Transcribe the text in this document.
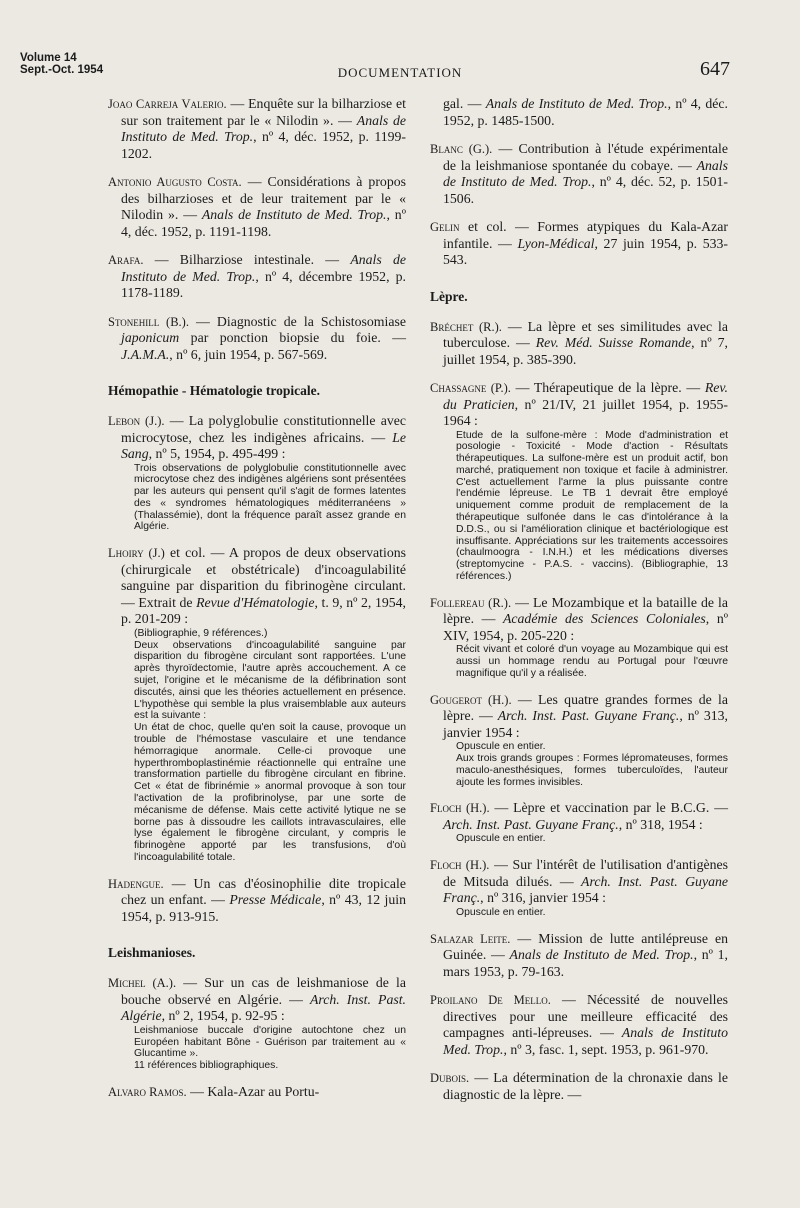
Volume 14
Sept.-Oct. 1954	DOCUMENTATION	647

Joao Carreja Valerio. — Enquête sur la bilharziose et sur son traitement par le « Nilodin ». — Anals de Instituto de Med. Trop., nº 4, déc. 1952, p. 1199-1202.

Antonio Augusto Costa. — Considérations à propos des bilharzioses et de leur traitement par le « Nilodin ». — Anals de Instituto de Med. Trop., nº 4, déc. 1952, p. 1191-1198.

Arafa. — Bilharziose intestinale. — Anals de Instituto de Med. Trop., nº 4, décembre 1952, p. 1178-1189.

Stonehill (B.). — Diagnostic de la Schistosomiase japonicum par ponction biopsie du foie. — J.A.M.A., nº 6, juin 1954, p. 567-569.

Hémopathie - Hématologie tropicale.
Lebon (J.). — La polyglobulie constitutionnelle avec microcytose, chez les indigènes africains. — Le Sang, nº 5, 1954, p. 495-499 :
Trois observations de polyglobulie constitutionnelle avec microcytose chez des indigènes algériens sont présentées par les auteurs qui pensent qu'il s'agit de formes latentes des « syndromes hématologiques méditerranéens » (Thalassémie), dont la fréquence paraît assez grande en Algérie.
Lhoiry (J.) et col. — A propos de deux observations (chirurgicale et obstétricale) d'incoagulabilité sanguine par disparition du fibrinogène circulant. — Extrait de Revue d'Hématologie, t. 9, nº 2, 1954, p. 201-209 :
(Bibliographie, 9 références.)
Deux observations d'incoagulabilité sanguine par disparition du fibrogène circulant sont rapportées. L'une après thyroïdectomie, l'autre après accouchement. A ce sujet, l'origine et le mécanisme de la défibrination sont discutés, ainsi que les théories actuellement en présence. L'hypothèse qui semble la plus vraisemblable aux auteurs est la suivante :
Un état de choc, quelle qu'en soit la cause, provoque un trouble de l'hémostase vasculaire et une tendance hémorragique anormale. Celle-ci provoque une hyperthromboplastinémie réactionnelle qui entraîne une transformation partielle du fibrogène circulant en fibrine. Cet « état de fibrinémie » anormal provoque à son tour l'activation de la profibrinolyse, par une sorte de mécanisme de défense. Mais cette activité lytique ne se borne pas à dissoudre les caillots intravasculaires, elle lyse également le fibrogène circulant, y compris le fibrinogène apporté par les transfusions, d'où l'incoagulabilité totale.

Hadengue. — Un cas d'éosinophilie dite tropicale chez un enfant. — Presse Médicale, nº 43, 12 juin 1954, p. 913-915.

Leishmanioses.
Michel (A.). — Sur un cas de leishmaniose de la bouche observé en Algérie. — Arch. Inst. Past. Algérie, nº 2, 1954, p. 92-95 :
Leishmaniose buccale d'origine autochtone chez un Européen habitant Bône - Guérison par traitement au « Glucantime ».
11 références bibliographiques.

Alvaro Ramos. — Kala-Azar au Portu-

gal. — Anals de Instituto de Med. Trop., nº 4, déc. 1952, p. 1485-1500.

Blanc (G.). — Contribution à l'étude expérimentale de la leishmaniose spontanée du cobaye. — Anals de Instituto de Med. Trop., nº 4, déc. 52, p. 1501-1506.

Gelin et col. — Formes atypiques du Kala-Azar infantile. — Lyon-Médical, 27 juin 1954, p. 533-543.

Lèpre.

Bréchet (R.). — La lèpre et ses similitudes avec la tuberculose. — Rev. Méd. Suisse Romande, nº 7, juillet 1954, p. 385-390.

Chassagne (P.). — Thérapeutique de la lèpre. — Rev. du Praticien, nº 21/IV, 21 juillet 1954, p. 1955-1964 :
Etude de la sulfone-mère : Mode d'administration et posologie - Toxicité - Mode d'action - Résultats thérapeutiques. La sulfone-mère est un produit actif, bon marché, pratiquement non toxique et facile à administrer. C'est actuellement l'arme la plus puissante contre l'endémie lépreuse. Le TB 1 devrait être employé uniquement comme produit de remplacement de la thérapeutique sulfonée dans le cas d'intolérance à la D.D.S., ou si l'amélioration clinique et bactériologique est insuffisante. Appréciations sur les traitements accessoires (chaulmoogra - I.N.H.) et les médications diverses (streptomycine - P.A.S. - vaccins). (Bibliographie, 13 références.)
Follereau (R.). — Le Mozambique et la bataille de la lèpre. — Académie des Sciences Coloniales, nº XIV, 1954, p. 205-220 :
Récit vivant et coloré d'un voyage au Mozambique qui est aussi un hommage rendu au Portugal pour l'œuvre magnifique qu'il y a réalisée.
Gougerot (H.). — Les quatre grandes formes de la lèpre. — Arch. Inst. Past. Guyane Franç., nº 313, janvier 1954 :
Opuscule en entier.
Aux trois grands groupes : Formes lépromateuses, formes maculo-anesthésiques, formes tuberculoïdes, l'auteur ajoute les formes invisibles.
Floch (H.). — Lèpre et vaccination par le B.C.G. — Arch. Inst. Past. Guyane Franç., nº 318, 1954 :
Opuscule en entier.
Floch (H.). — Sur l'intérêt de l'utilisation d'antigènes de Mitsuda dilués. — Arch. Inst. Past. Guyane Franç., nº 316, janvier 1954 :
Opuscule en entier.

Salazar Leite. — Mission de lutte antilépreuse en Guinée. — Anals de Instituto de Med. Trop., nº 1, mars 1953, p. 79-163.

Proilano De Mello. — Nécessité de nouvelles directives pour une meilleure efficacité des campagnes anti-lépreuses. — Anals de Instituto Med. Trop., nº 3, fasc. 1, sept. 1953, p. 961-970.

Dubois. — La détermination de la chronaxie dans le diagnostic de la lèpre. —
